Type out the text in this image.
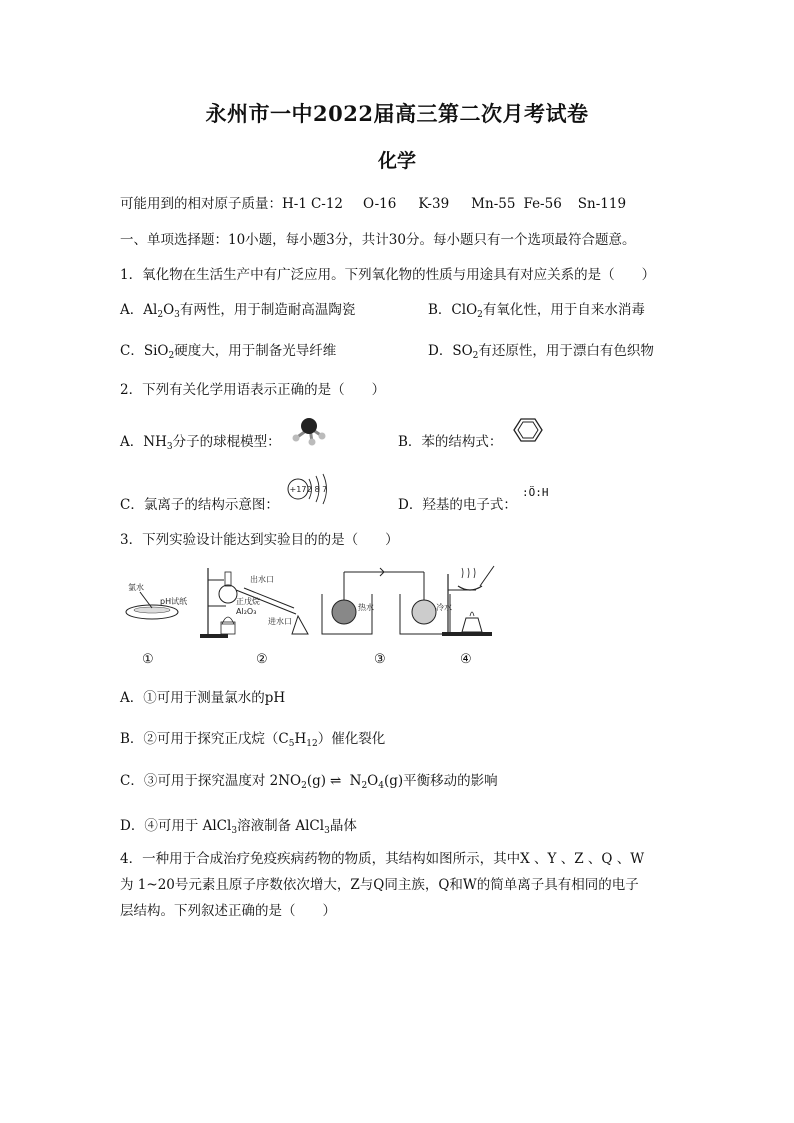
永州市一中2022届高三第二次月考试卷
化学
可能用到的相对原子质量：H-1 C-12 O-16 K-39 Mn-55 Fe-56 Sn-119
一、单项选择题：10小题，每小题3分，共计30分。每小题只有一个选项最符合题意。
1．氧化物在生活生产中有广泛应用。下列氧化物的性质与用途具有对应关系的是（　　）
A．$Al_2O_3$有两性，用于制造耐高温陶瓷	B．ClO$_2$有氧化性，用于自来水消毒
C．SiO$_2$硬度大，用于制备光导纤维	D．$SO_2$有还原性，用于漂白有色织物
2．下列有关化学用语表示正确的是（　　）
A．$NH_3$分子的球棍模型：	B．苯的结构式：
C．氯离子的结构示意图：
+17 2 8 7
D．羟基的电子式：
:Ö:H
3．下列实验设计能达到实验目的的是（　　）
氯水
pH试纸
出水口
正戊烷
Al₂O₃
进水口
热水	冷水
①	②	③	④
A．①可用于测量氯水的pH
B．②可用于探究正戊烷$(C_5H_{12})$催化裂化
C．③可用于探究温度对 $2NO_2(g)$ ⇌ $N_2O_4(g)$平衡移动的影响
D．④可用于 AlCl$_3$溶液制备 AlCl$_3$晶体
4．一种用于合成治疗免疫疾病药物的物质，其结构如图所示，其中X 、Y 、Z 、Q 、W
为 1~20号元素且原子序数依次增大，Z与Q同主族，Q和W的简单离子具有相同的电子
层结构。下列叙述正确的是（　　）
